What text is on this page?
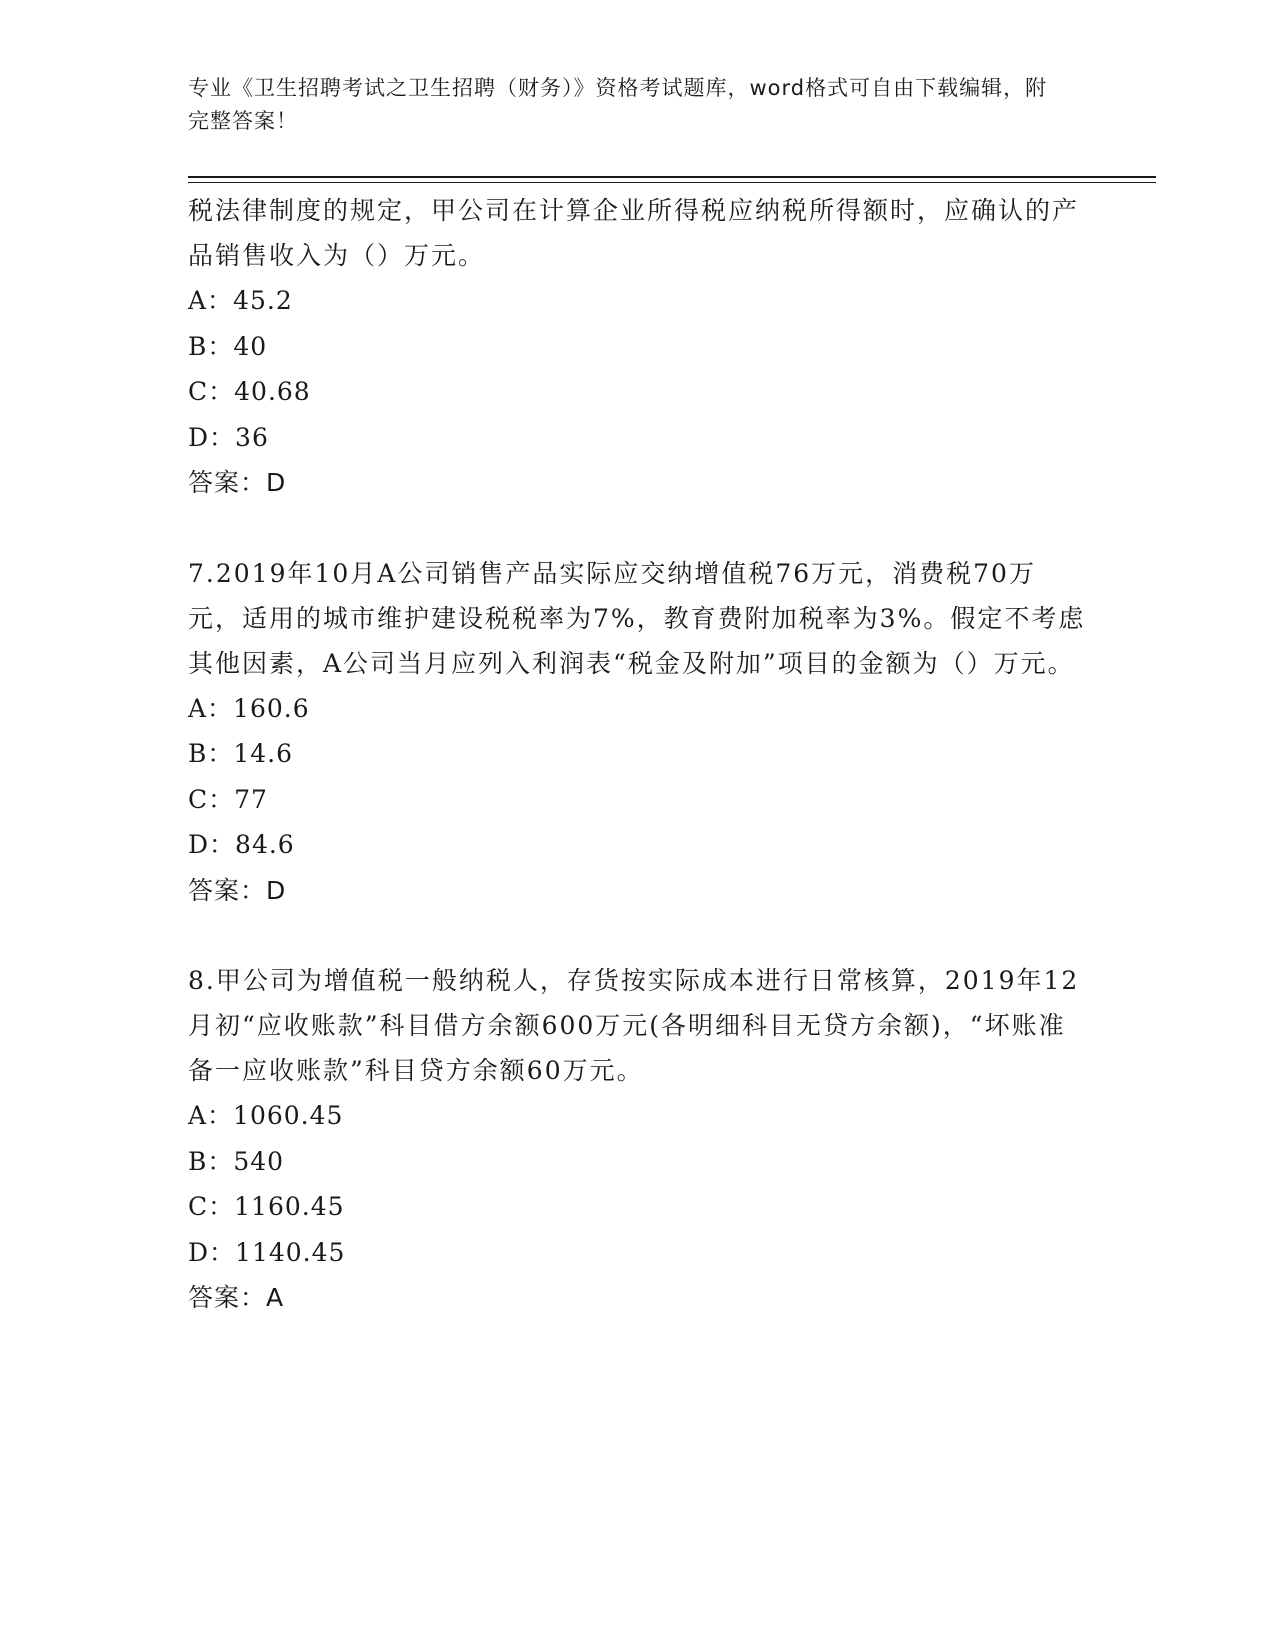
专业《卫生招聘考试之卫生招聘（财务）》资格考试题库，word格式可自由下载编辑，附完整答案！

税法律制度的规定，甲公司在计算企业所得税应纳税所得额时，应确认的产品销售收入为（）万元。

A：45.2

B：40

C：40.68

D：36

答案：D

7.2019年10月A公司销售产品实际应交纳增值税76万元，消费税70万元，适用的城市维护建设税税率为7%，教育费附加税率为3%。假定不考虑其他因素，A公司当月应列入利润表“税金及附加”项目的金额为（）万元。

A：160.6

B：14.6

C：77

D：84.6

答案：D

8.甲公司为增值税一般纳税人，存货按实际成本进行日常核算，2019年12月初“应收账款”科目借方余额600万元(各明细科目无贷方余额)，“坏账准备一应收账款”科目贷方余额60万元。

A：1060.45

B：540

C：1160.45

D：1140.45

答案：A
